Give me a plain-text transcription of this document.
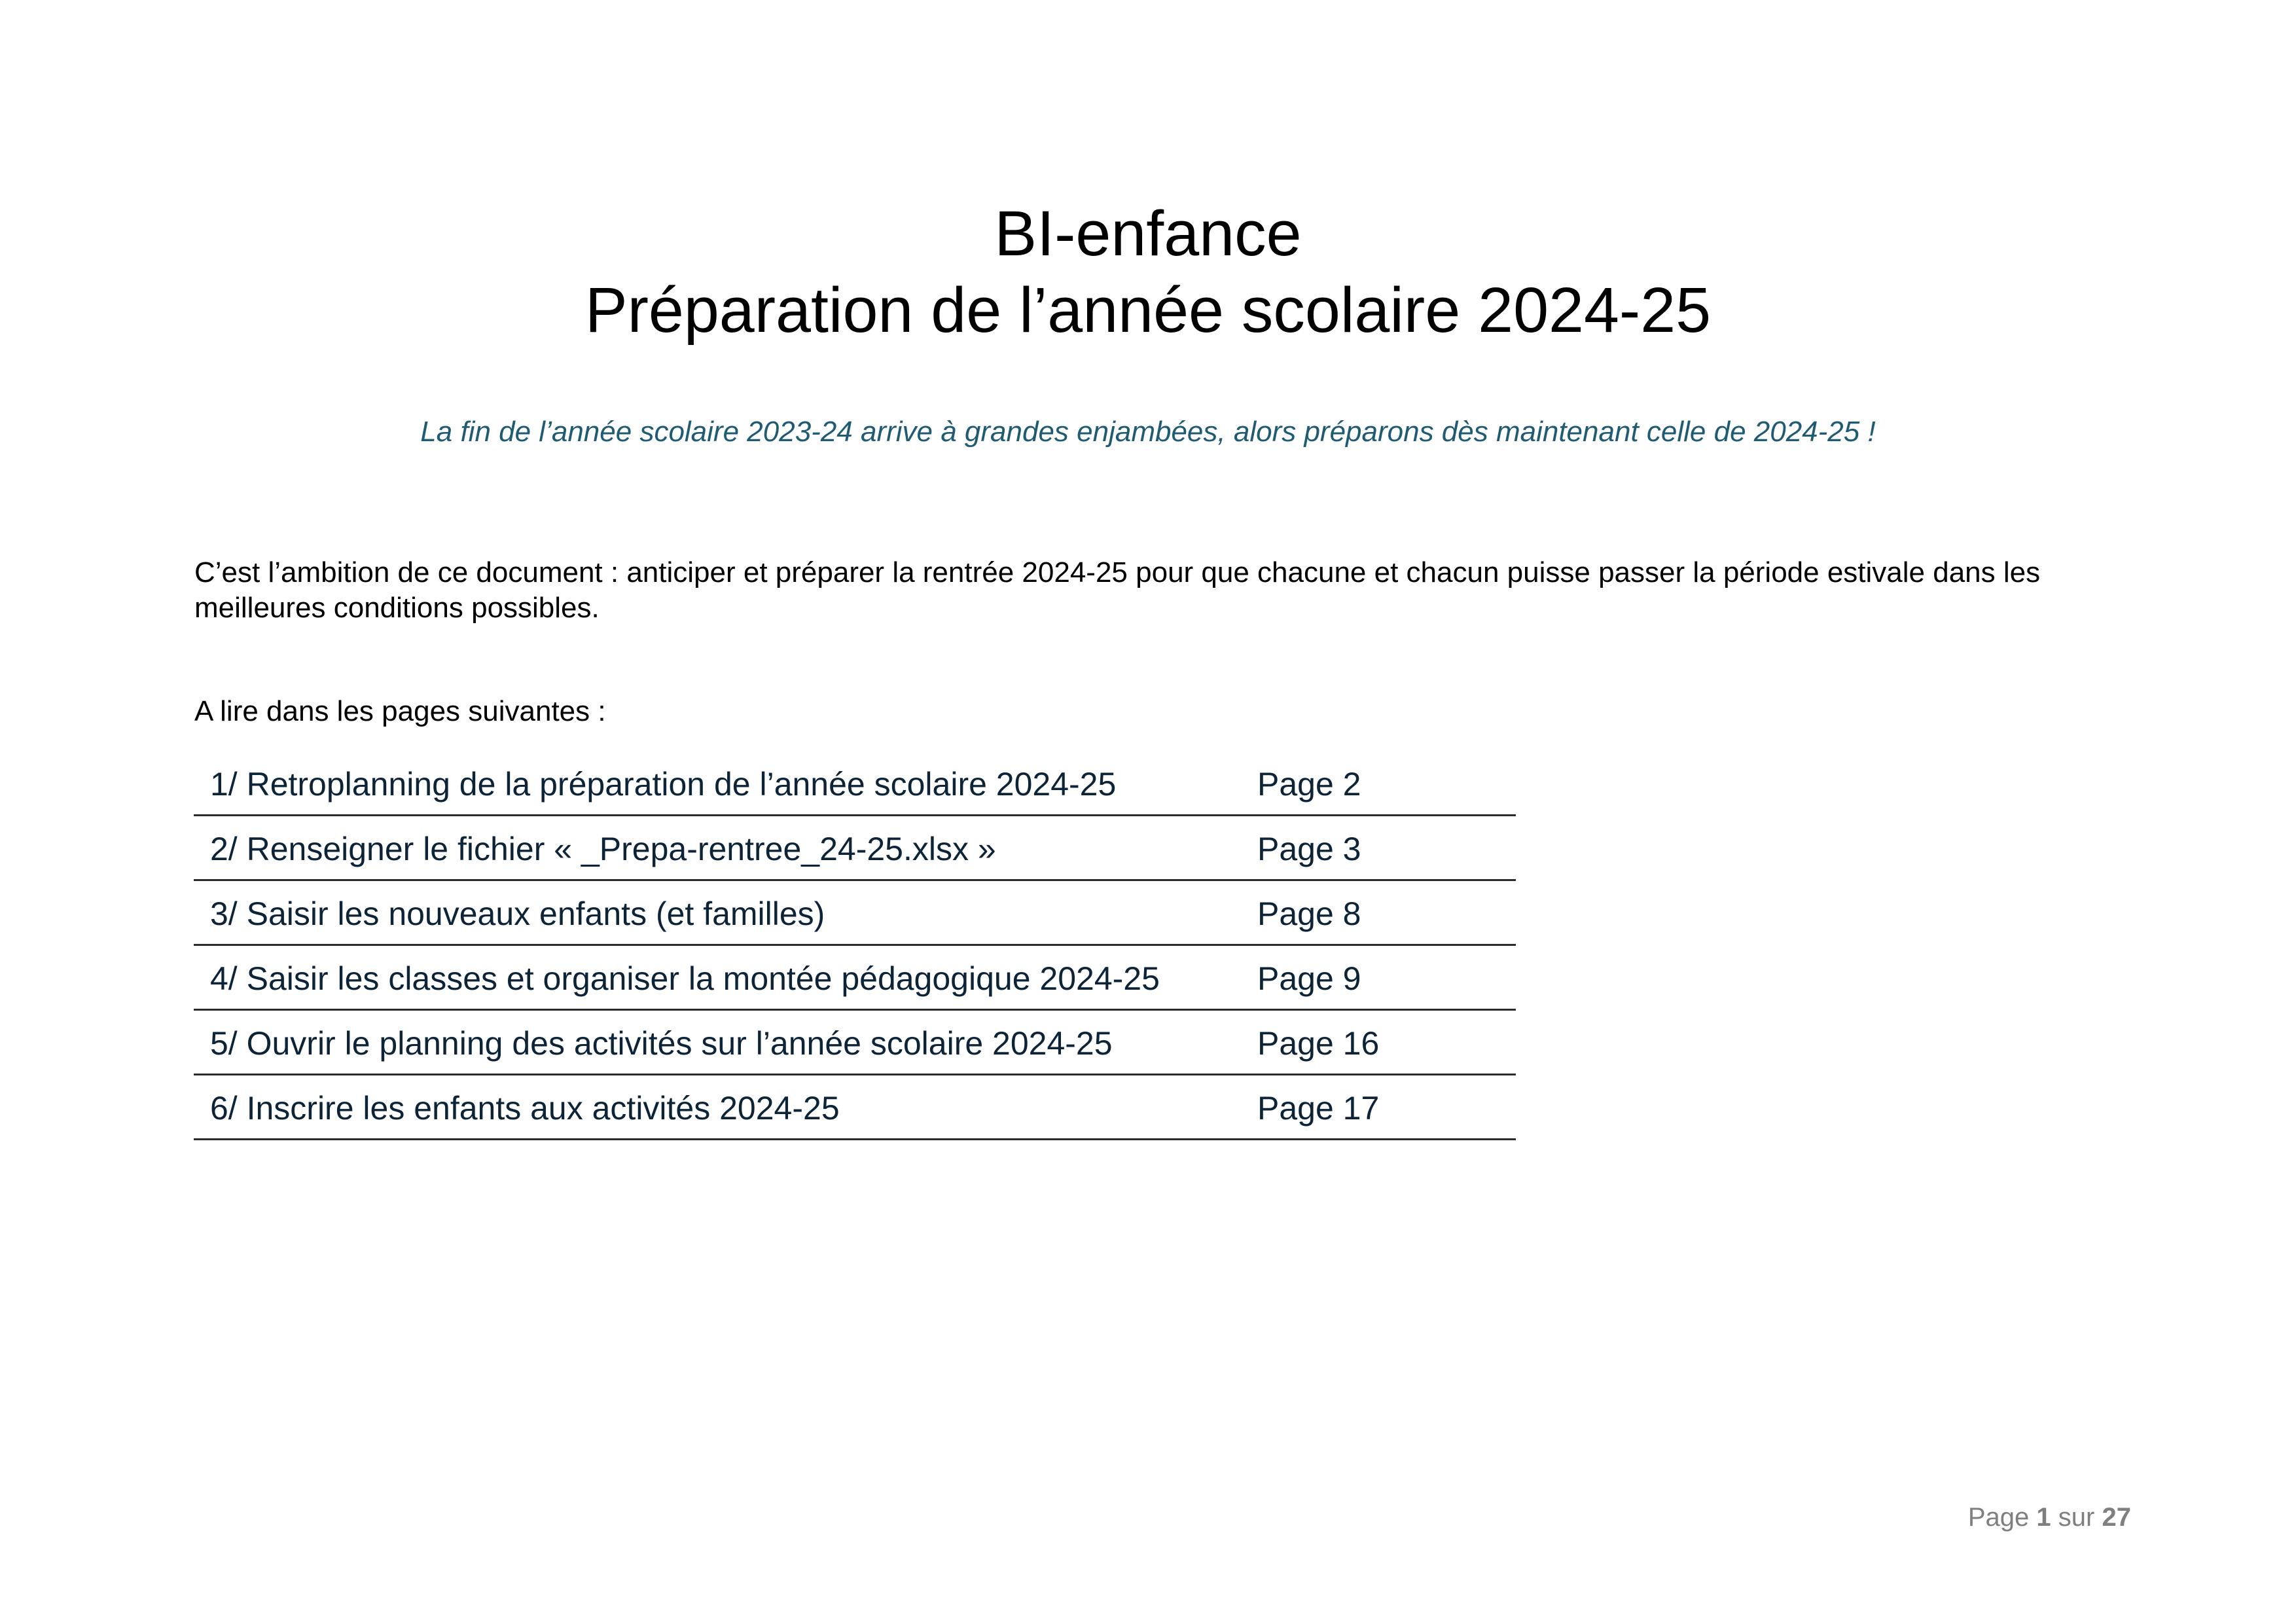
BI-enfance
Préparation de l’année scolaire 2024-25
La fin de l’année scolaire 2023-24 arrive à grandes enjambées, alors préparons dès maintenant celle de 2024-25 !
C’est l’ambition de ce document : anticiper et préparer la rentrée 2024-25 pour que chacune et chacun puisse passer la période estivale dans les meilleures conditions possibles.
A lire dans les pages suivantes :
1/ Retroplanning de la préparation de l’année scolaire 2024-25	Page 2
2/ Renseigner le fichier « _Prepa-rentree_24-25.xlsx »	Page 3
3/ Saisir les nouveaux enfants (et familles)	Page 8
4/ Saisir les classes et organiser la montée pédagogique 2024-25	Page 9
5/ Ouvrir le planning des activités sur l’année scolaire 2024-25	Page 16
6/ Inscrire les enfants aux activités 2024-25	Page 17
Page 1 sur 27
